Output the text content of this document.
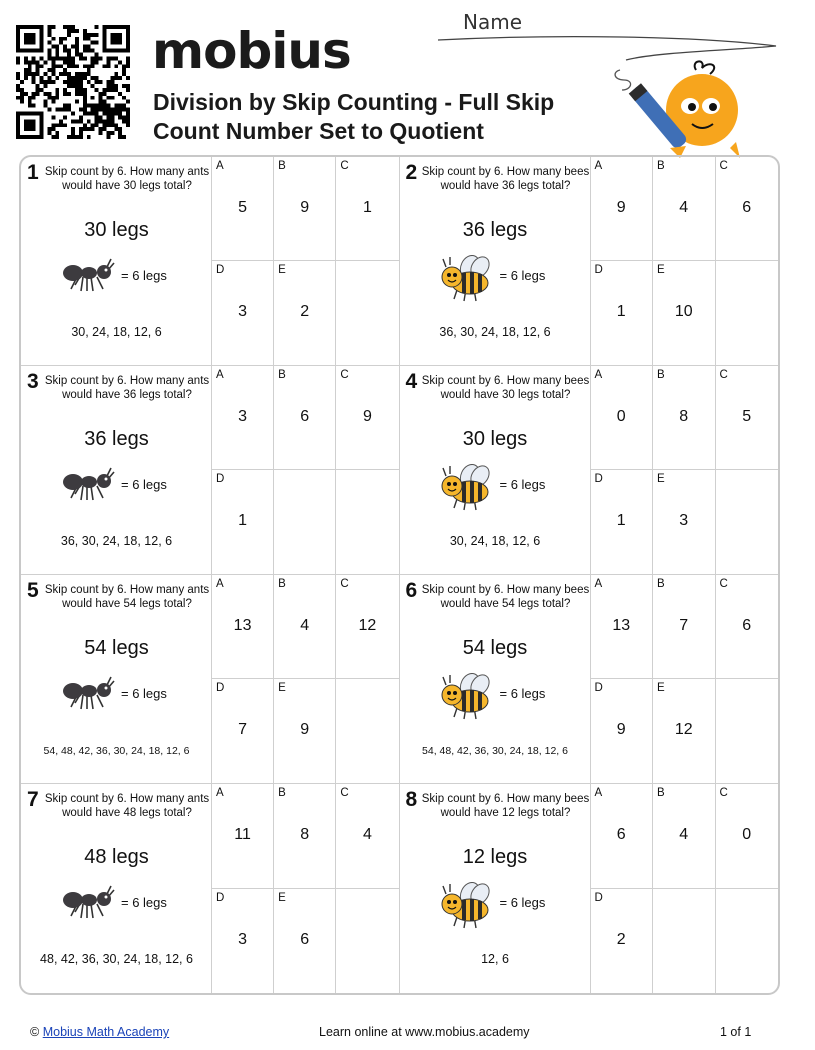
mobius
Division by Skip Counting - Full Skip Count Number Set to Quotient
Name
1 Skip count by 6. How many ants would have 30 legs total?
30 legs
= 6 legs
30, 24, 18, 12, 6
A
5
B
9
C
1
D
3
E
2
2 Skip count by 6. How many bees would have 36 legs total?
36 legs
= 6 legs
36, 30, 24, 18, 12, 6
A
9
B
4
C
6
D
1
E
10
3 Skip count by 6. How many ants would have 36 legs total?
36 legs
= 6 legs
36, 30, 24, 18, 12, 6
A
3
B
6
C
9
D
1
4 Skip count by 6. How many bees would have 30 legs total?
30 legs
= 6 legs
30, 24, 18, 12, 6
A
0
B
8
C
5
D
1
E
3
5 Skip count by 6. How many ants would have 54 legs total?
54 legs
= 6 legs
54, 48, 42, 36, 30, 24, 18, 12, 6
A
13
B
4
C
12
D
7
E
9
6 Skip count by 6. How many bees would have 54 legs total?
54 legs
= 6 legs
54, 48, 42, 36, 30, 24, 18, 12, 6
A
13
B
7
C
6
D
9
E
12
7 Skip count by 6. How many ants would have 48 legs total?
48 legs
= 6 legs
48, 42, 36, 30, 24, 18, 12, 6
A
11
B
8
C
4
D
3
E
6
8 Skip count by 6. How many bees would have 12 legs total?
12 legs
= 6 legs
12, 6
A
6
B
4
C
0
D
2
© Mobius Math Academy	Learn online at www.mobius.academy	1 of 1
